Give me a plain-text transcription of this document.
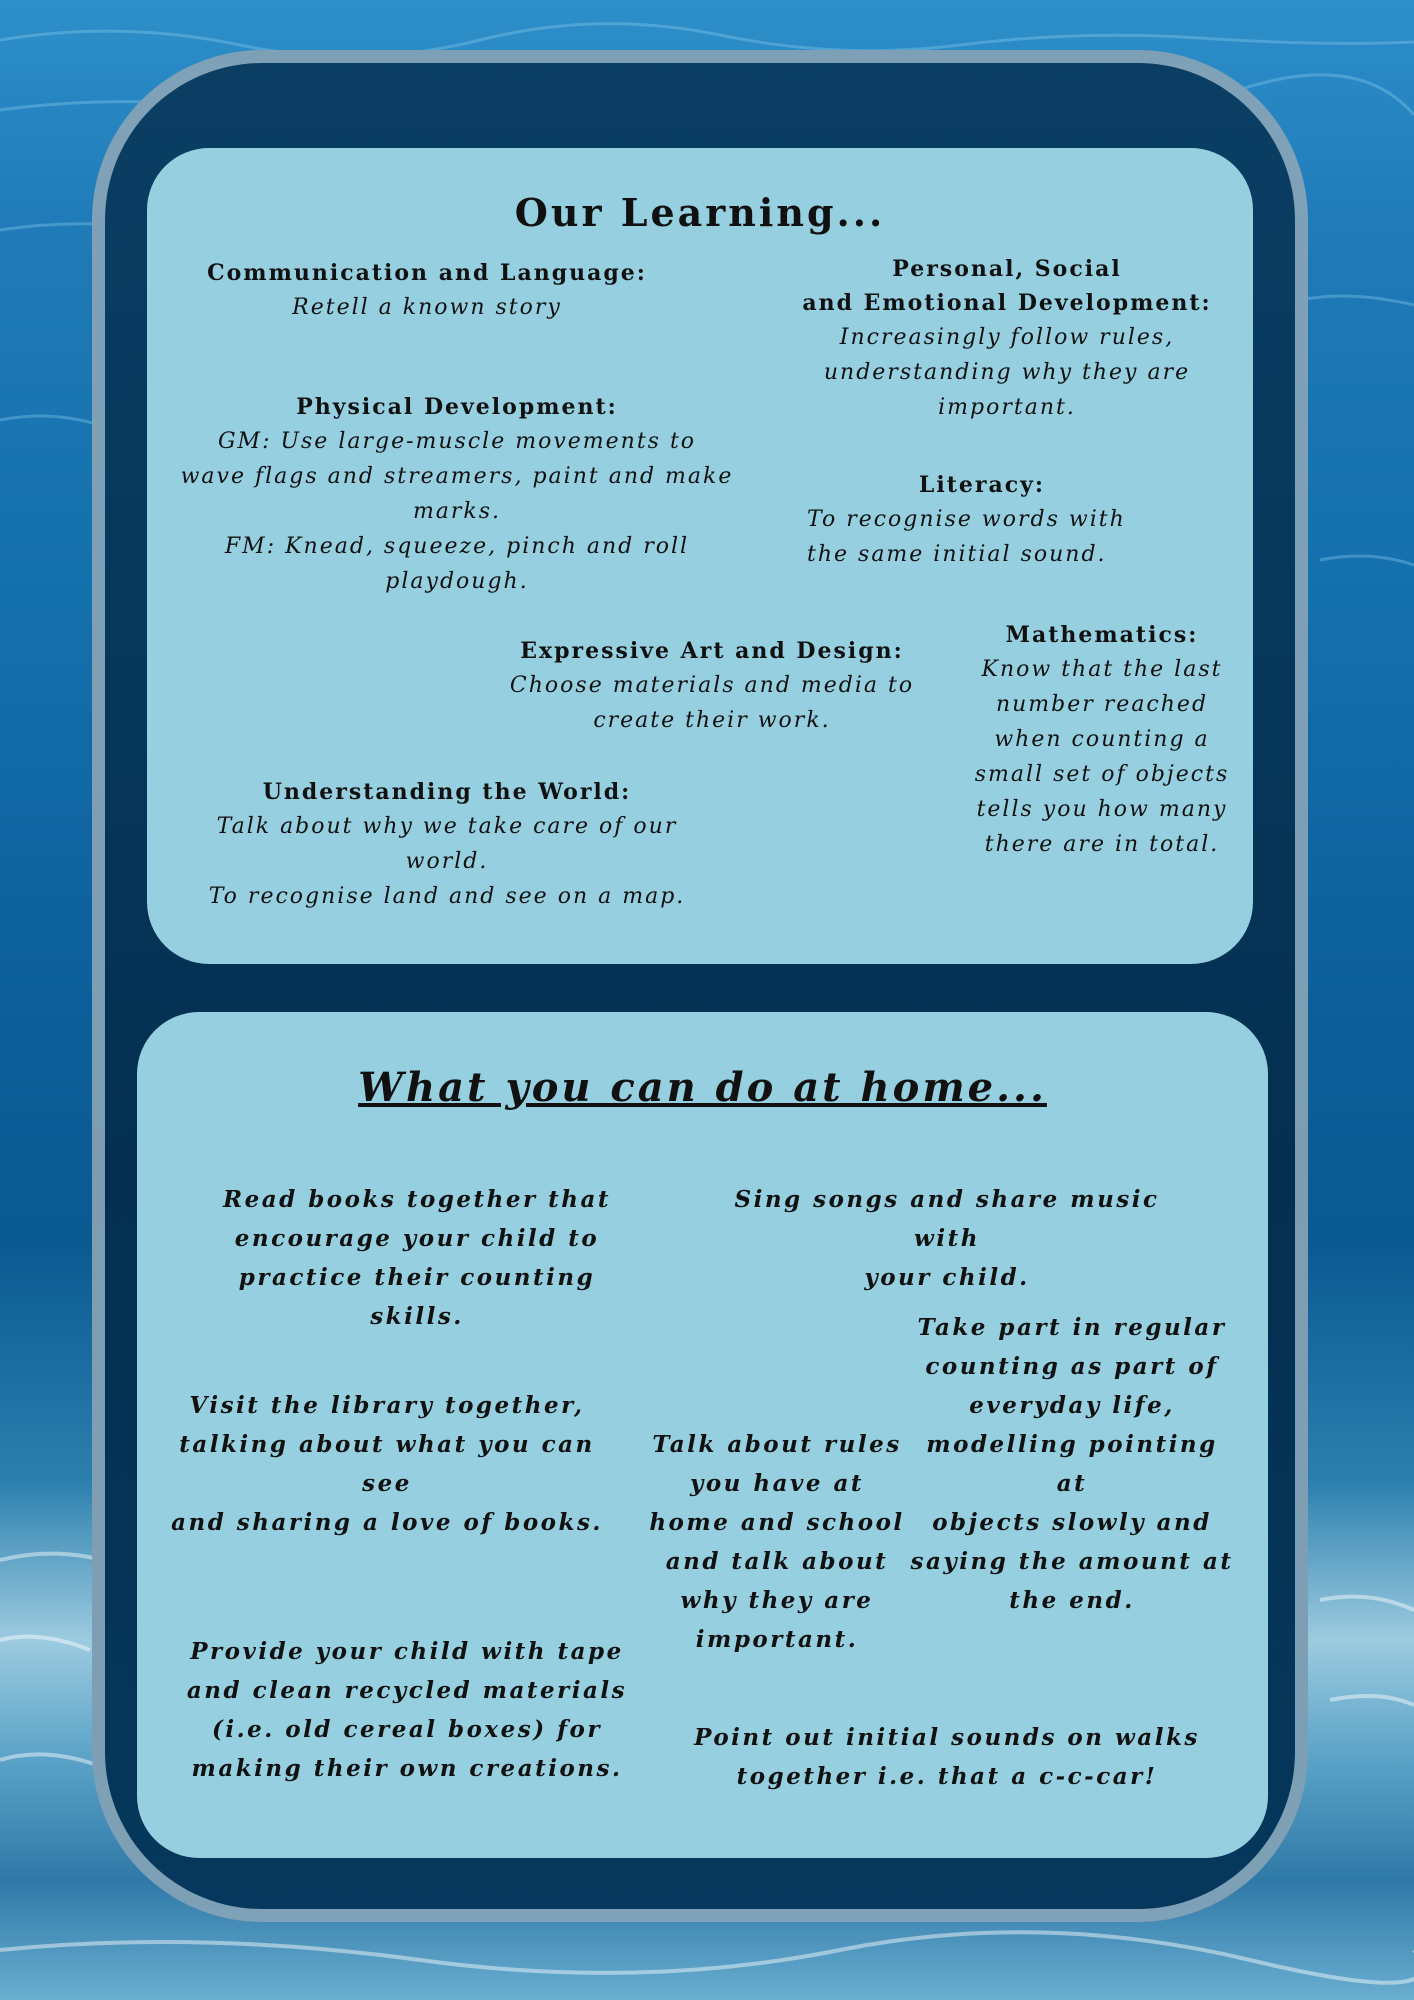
Our Learning...
Communication and Language:
Retell a known story
Personal, Social
and Emotional Development:
Increasingly follow rules,
understanding why they are
important.
Physical Development:
GM: Use large-muscle movements to
wave flags and streamers, paint and make
marks.
FM: Knead, squeeze, pinch and roll
playdough.
Literacy:
To recognise words with
the same initial sound.
Expressive Art and Design:
Choose materials and media to
create their work.
Mathematics:
Know that the last
number reached
when counting a
small set of objects
tells you how many
there are in total.
Understanding the World:
Talk about why we take care of our
world.
To recognise land and see on a map.
What you can do at home...
Read books together that
encourage your child to
practice their counting skills.
Sing songs and share music with
your child.
Take part in regular
counting as part of
everyday life,
modelling pointing at
objects slowly and
saying the amount at
the end.
Visit the library together,
talking about what you can see
and sharing a love of books.
Talk about rules
you have at
home and school
and talk about
why they are
important.
Provide your child with tape
and clean recycled materials
(i.e. old cereal boxes) for
making their own creations.
Point out initial sounds on walks
together i.e. that a c-c-car!
